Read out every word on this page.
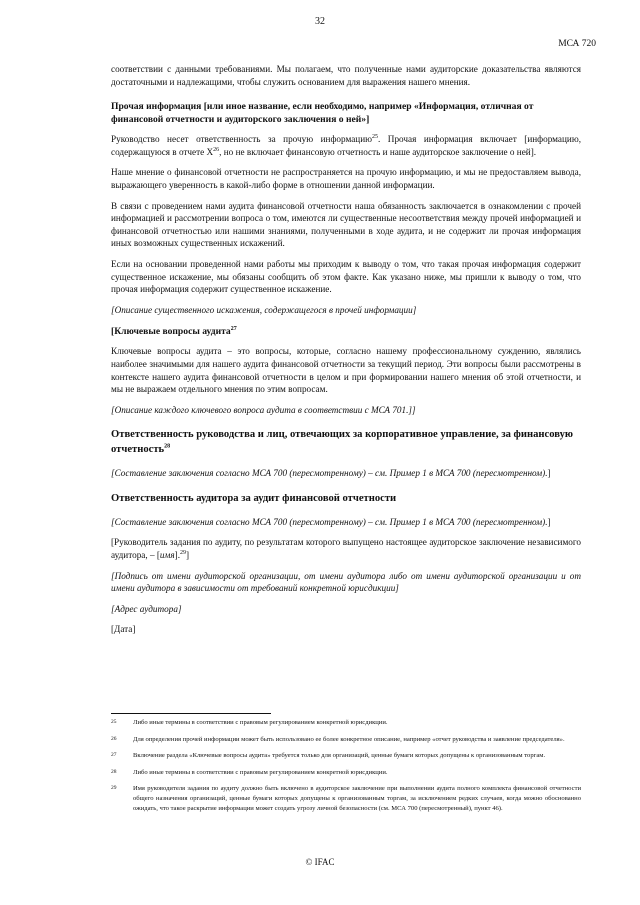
32
МСА 720

соответствии с данными требованиями. Мы полагаем, что полученные нами аудиторские доказательства являются достаточными и надлежащими, чтобы служить основанием для выражения нашего мнения.

Прочая информация [или иное название, если необходимо, например «Информация, отличная от финансовой отчетности и аудиторского заключения о ней»]

Руководство несет ответственность за прочую информацию$^{25}$. Прочая информация включает [информацию, содержащуюся в отчете $X^{26}$, но не включает финансовую отчетность и наше аудиторское заключение о ней].

Наше мнение о финансовой отчетности не распространяется на прочую информацию, и мы не предоставляем вывода, выражающего уверенность в какой-либо форме в отношении данной информации.

В связи с проведением нами аудита финансовой отчетности наша обязанность заключается в ознакомлении с прочей информацией и рассмотрении вопроса о том, имеются ли существенные несоответствия между прочей информацией и финансовой отчетностью или нашими знаниями, полученными в ходе аудита, и не содержит ли прочая информация иных возможных существенных искажений.

Если на основании проведенной нами работы мы приходим к выводу о том, что такая прочая информация содержит существенное искажение, мы обязаны сообщить об этом факте. Как указано ниже, мы пришли к выводу о том, что прочая информация содержит существенное искажение.

[Описание существенного искажения, содержащегося в прочей информации]

[Ключевые вопросы аудита$^{27}$

Ключевые вопросы аудита – это вопросы, которые, согласно нашему профессиональному суждению, являлись наиболее значимыми для нашего аудита финансовой отчетности за текущий период. Эти вопросы были рассмотрены в контексте нашего аудита финансовой отчетности в целом и при формировании нашего мнения об этой отчетности, и мы не выражаем отдельного мнения по этим вопросам.

[Описание каждого ключевого вопроса аудита в соответствии с МСА 701.]]

Ответственность руководства и лиц, отвечающих за корпоративное управление, за финансовую отчетность$^{28}$

[Составление заключения согласно МСА 700 (пересмотренному) – см. Пример 1 в МСА 700 (пересмотренном).]

Ответственность аудитора за аудит финансовой отчетности

[Составление заключения согласно МСА 700 (пересмотренному) – см. Пример 1 в МСА 700 (пересмотренном).]

[Руководитель задания по аудиту, по результатам которого выпущено настоящее аудиторское заключение независимого аудитора, – [имя].$^{29}$]

[Подпись от имени аудиторской организации, от имени аудитора либо от имени аудиторской организации и от имени аудитора в зависимости от требований конкретной юрисдикции]

[Адрес аудитора]

[Дата]

25	Либо иные термины в соответствии с правовым регулированием конкретной юрисдикции.
26	Для определения прочей информации может быть использовано ее более конкретное описание, например «отчет руководства и заявление председателя».
27	Включение раздела «Ключевые вопросы аудита» требуется только для организаций, ценные бумаги которых допущены к организованным торгам.
28	Либо иные термины в соответствии с правовым регулированием конкретной юрисдикции.
29	Имя руководителя задания по аудиту должно быть включено в аудиторское заключение при выполнении аудита полного комплекта финансовой отчетности общего назначения организаций, ценные бумаги которых допущены к организованным торгам, за исключением редких случаев, когда можно обоснованно ожидать, что такое раскрытие информации может создать угрозу личной безопасности (см. МСА 700 (пересмотренный), пункт 46).
© IFAC
